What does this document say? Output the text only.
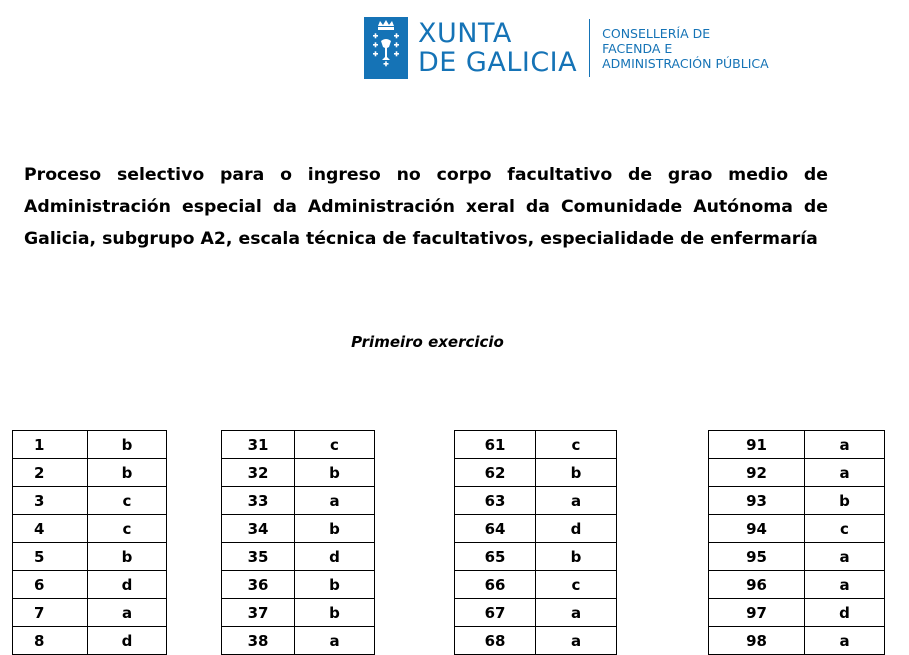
XUNTA
DE GALICIA
CONSELLERÍA DE
FACENDA E
ADMINISTRACIÓN PÚBLICA
Proceso selectivo para o ingreso no corpo facultativo de grao medio de Administración especial da Administración xeral da Comunidade Autónoma de Galicia, subgrupo A2, escala técnica de facultativos, especialidade de enfermaría
Primeiro exercicio
1	b
2	b
3	c
4	c
5	b
6	d
7	a
8	d
31	c
32	b
33	a
34	b
35	d
36	b
37	b
38	a
61	c
62	b
63	a
64	d
65	b
66	c
67	a
68	a
91	a
92	a
93	b
94	c
95	a
96	a
97	d
98	a
